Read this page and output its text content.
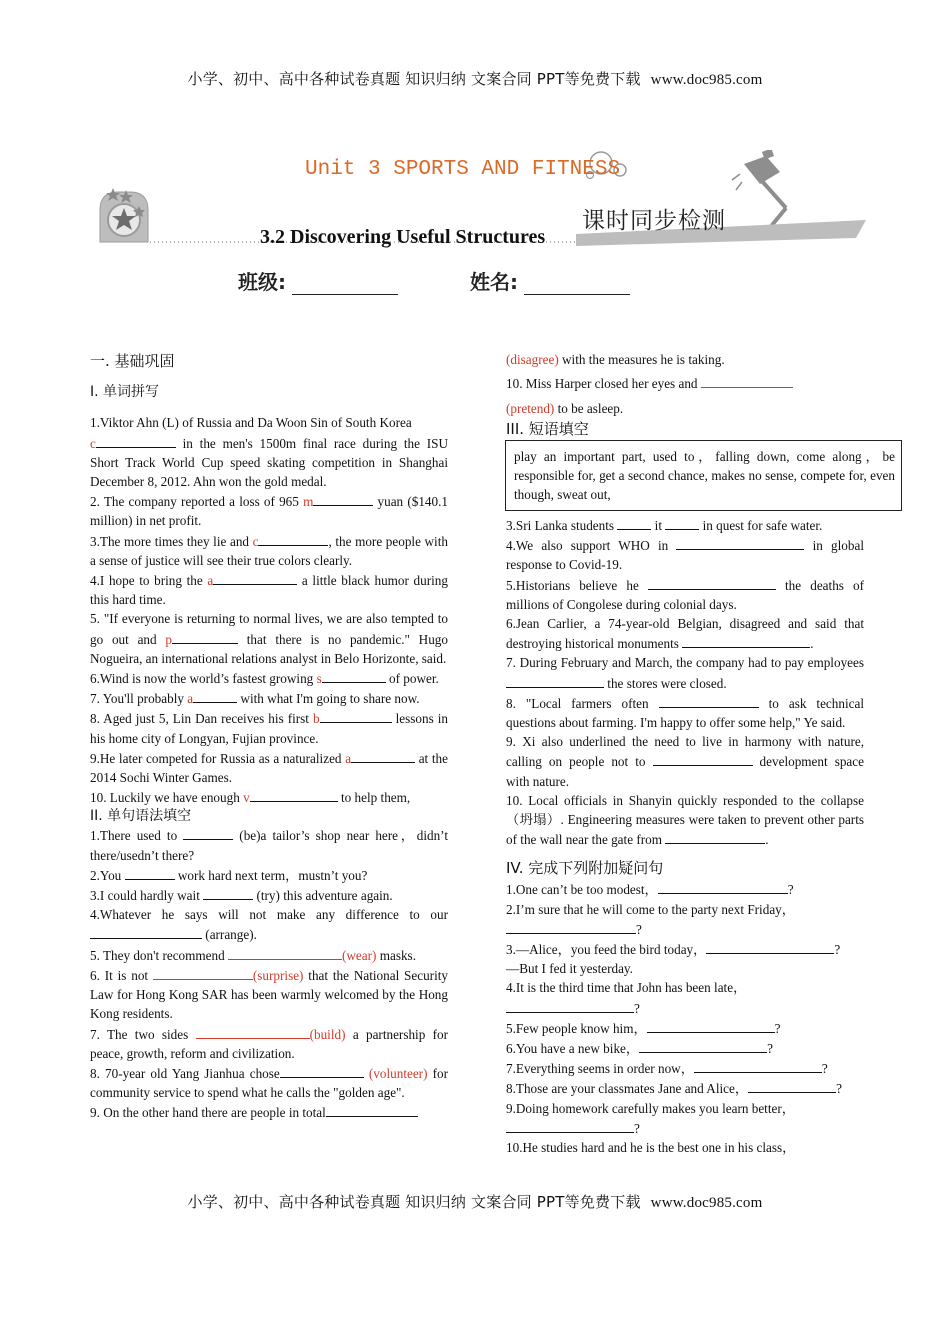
小学、初中、高中各种试卷真题 知识归纳 文案合同 PPT等免费下载 www.doc985.com
小学、初中、高中各种试卷真题 知识归纳 文案合同 PPT等免费下载 www.doc985.com
Unit 3 SPORTS AND FITNESS
课时同步检测
3.2 Discovering Useful Structures
班级:	姓名:

一. 基础巩固

I. 单词拼写

1.Viktor Ahn (L) of Russia and Da Woon Sin of South Korea
c	in the men's 1500m final race during the ISU Short Track World Cup speed skating competition in Shanghai December 8, 2012. Ahn won the gold medal.

2. The company reported a loss of 965 m	yuan ($140.1 million) in net profit.

3.The more times they lie and c	, the more people with a sense of justice will see their true colors clearly.

4.I hope to bring the a	a little black humor during this hard time.

5. "If everyone is returning to normal lives, we are also tempted to go out and p	that there is no pandemic." Hugo Nogueira, an international relations analyst in Belo Horizonte, said.

6.Wind is now the world’s fastest growing s	of power.

7. You'll probably a	with what I'm going to share now.

8. Aged just 5, Lin Dan receives his first b	lessons in his home city of Longyan, Fujian province.

9.He later competed for Russia as a naturalized a	at the 2014 Sochi Winter Games.

10. Luckily we have enough v	to help them,

II. 单句语法填空

1.There used to	(be)a tailor’s shop near here，didn’t there/usedn’t there?

2.You	work hard next term，mustn’t you?

3.I could hardly wait	(try) this adventure again.

4.Whatever he says will not make any difference to our  (arrange).

5. They don't recommend	(wear) masks.

6. It is not	(surprise) that the National Security Law for Hong Kong SAR has been warmly welcomed by the Hong Kong residents.

7. The two sides	(build) a partnership for peace, growth, reform and civilization.

8. 70-year old Yang Jianhua chose	(volunteer) for community service to spend what he calls the "golden age".

9. On the other hand there are people in total

(disagree) with the measures he is taking.

10. Miss Harper closed her eyes and

(pretend) to be asleep.

III. 短语填空

play an important part, used to，falling down, come along，be responsible for, get a second chance, makes no sense, compete for, even though, sweat out,

3.Sri Lanka students	it	in quest for safe water.

4.We also support WHO in	in global response to Covid-19.

5.Historians believe he	the deaths of millions of Congolese during colonial days.

6.Jean Carlier, a 74-year-old Belgian, disagreed and said that destroying historical monuments	.

7. During February and March, the company had to pay employees  the stores were closed.

8. "Local farmers often	to ask technical questions about farming. I'm happy to offer some help," Ye said.

9. Xi also underlined the need to live in harmony with nature, calling on people not to	development space with nature.

10. Local officials in Shanyin quickly responded to the collapse（坍塌）. Engineering measures were taken to prevent other parts of the wall near the gate from	.

IV. 完成下列附加疑问句

1.One can’t be too modest，	?

2.I’m sure that he will come to the party next Friday，
?

3.—Alice，you feed the bird today，	?

—But I fed it yesterday.

4.It is the third time that John has been late，
?

5.Few people know him，	?

6.You have a new bike，	?

7.Everything seems in order now，	?

8.Those are your classmates Jane and Alice，	?

9.Doing homework carefully makes you learn better，
?

10.He studies hard and he is the best one in his class，
